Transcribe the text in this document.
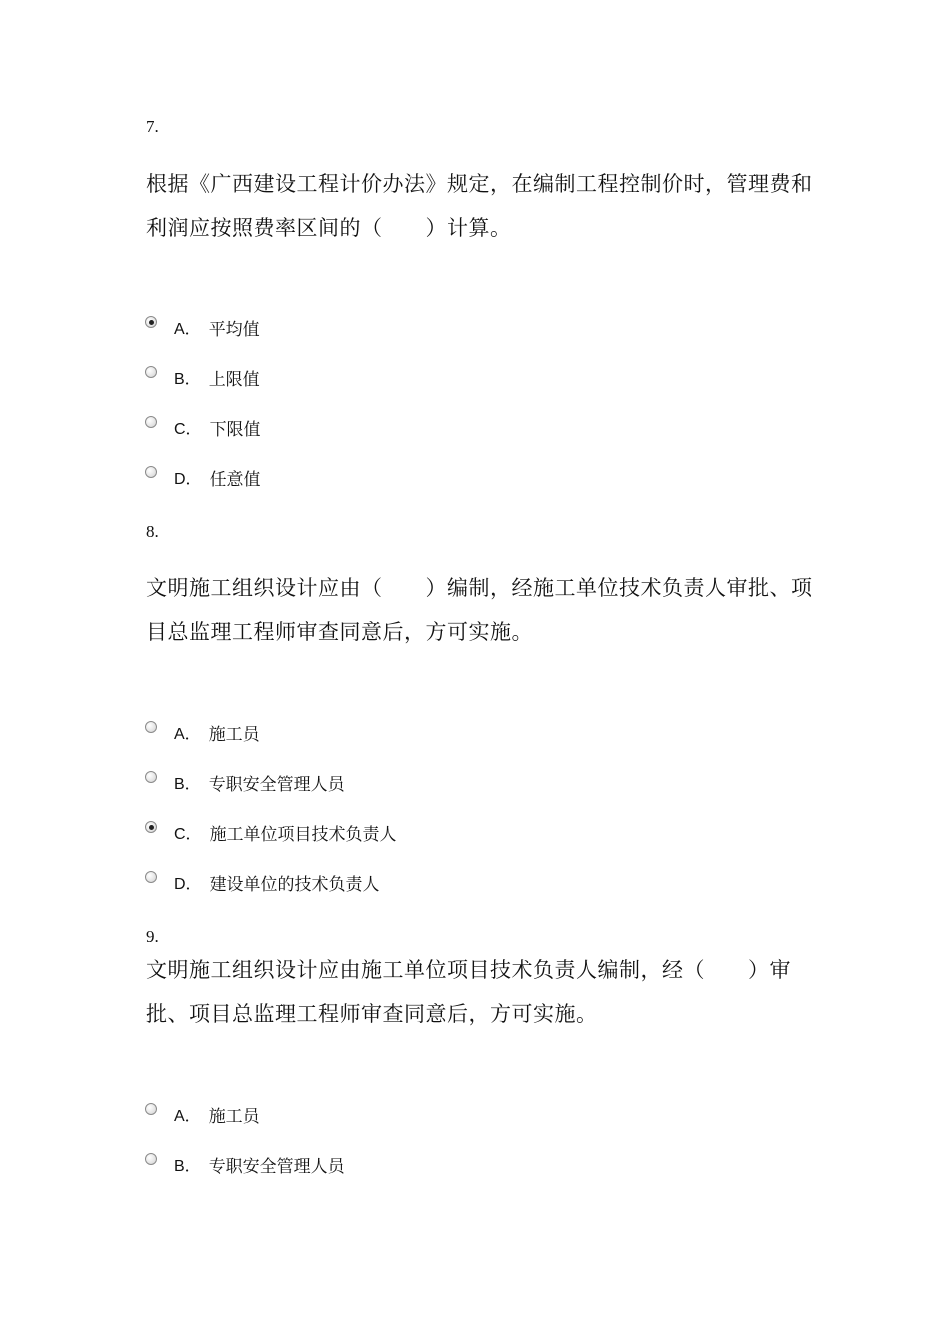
7.
根据《广西建设工程计价办法》规定，在编制工程控制价时，管理费和利润应按照费率区间的（　　）计算。
A． 平均值
B． 上限值
C． 下限值
D． 任意值
8.
文明施工组织设计应由（　　）编制，经施工单位技术负责人审批、项目总监理工程师审查同意后，方可实施。
A． 施工员
B． 专职安全管理人员
C． 施工单位项目技术负责人
D． 建设单位的技术负责人
9.
文明施工组织设计应由施工单位项目技术负责人编制，经（　　）审批、项目总监理工程师审查同意后，方可实施。
A． 施工员
B． 专职安全管理人员
